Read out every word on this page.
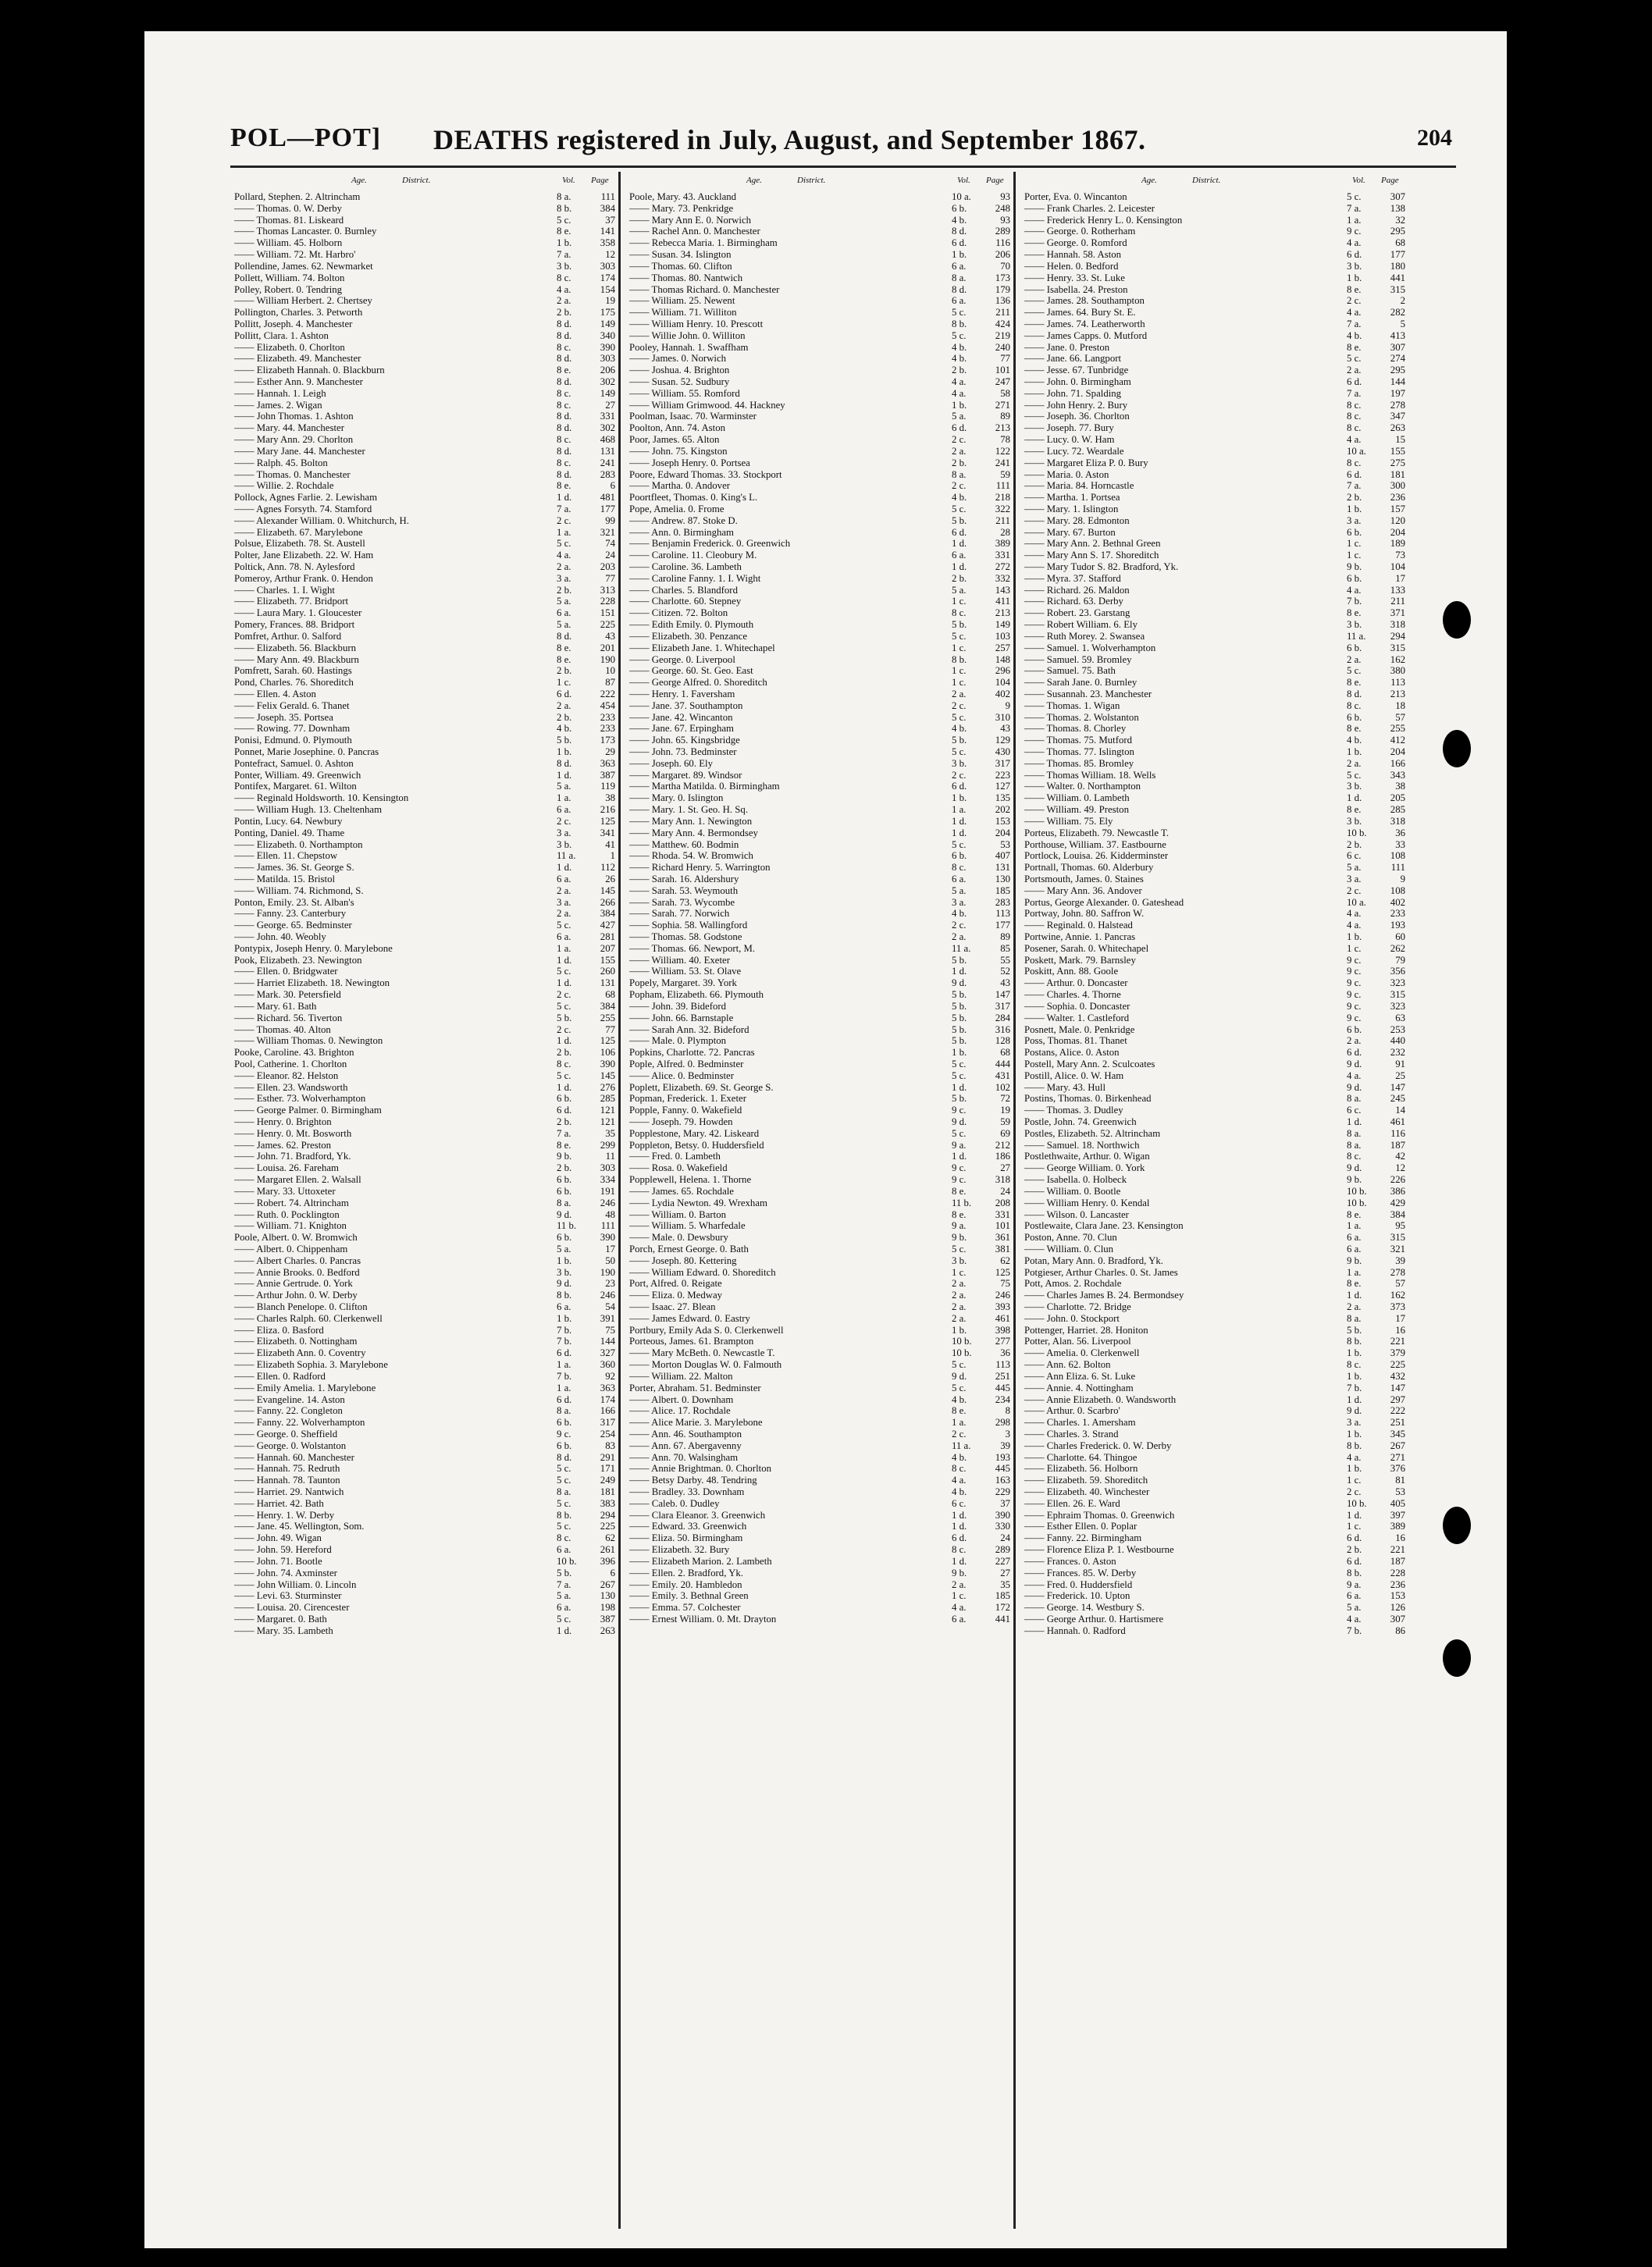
POL—POT] DEATHS registered in July, August, and September 1867.	204
Age.	District.	Vol. Page
Pollard, Stephen. 2. Altrincham	8 a.	111
—— Thomas. 0. W. Derby	8 b.	384
—— Thomas. 81. Liskeard	5 c.	37
—— Thomas Lancaster. 0. Burnley	8 e.	141
—— William. 45. Holborn	1 b.	358
—— William. 72. Mt. Harbro'	7 a.	12
Pollendine, James. 62. Newmarket	3 b.	303
Pollett, William. 74. Bolton	8 c.	174
Polley, Robert. 0. Tendring	4 a.	154
—— William Herbert. 2. Chertsey	2 a.	19
Pollington, Charles. 3. Petworth	2 b.	175
Pollitt, Joseph. 4. Manchester	8 d.	149
Pollitt, Clara. 1. Ashton	8 d.	340
—— Elizabeth. 0. Chorlton	8 c.	390
—— Elizabeth. 49. Manchester	8 d.	303
—— Elizabeth Hannah. 0. Blackburn	8 e.	206
—— Esther Ann. 9. Manchester	8 d.	302
—— Hannah. 1. Leigh	8 c.	149
—— James. 2. Wigan	8 c.	27
—— John Thomas. 1. Ashton	8 d.	331
—— Mary. 44. Manchester	8 d.	302
—— Mary Ann. 29. Chorlton	8 c.	468
—— Mary Jane. 44. Manchester	8 d.	131
—— Ralph. 45. Bolton	8 c.	241
—— Thomas. 0. Manchester	8 d.	283
—— Willie. 2. Rochdale	8 e.	6
Pollock, Agnes Farlie. 2. Lewisham	1 d.	481
—— Agnes Forsyth. 74. Stamford	7 a.	177
—— Alexander William. 0. Whitchurch, H.	2 c.	99
—— Elizabeth. 67. Marylebone	1 a.	321
Polsue, Elizabeth. 78. St. Austell	5 c.	74
Polter, Jane Elizabeth. 22. W. Ham	4 a.	24
Poltick, Ann. 78. N. Aylesford	2 a.	203
Pomeroy, Arthur Frank. 0. Hendon	3 a.	77
—— Charles. 1. I. Wight	2 b.	313
—— Elizabeth. 77. Bridport	5 a.	228
—— Laura Mary. 1. Gloucester	6 a.	151
Pomery, Frances. 88. Bridport	5 a.	225
Pomfret, Arthur. 0. Salford	8 d.	43
—— Elizabeth. 56. Blackburn	8 e.	201
—— Mary Ann. 49. Blackburn	8 e.	190
Pomfrett, Sarah. 60. Hastings	2 b.	10
Pond, Charles. 76. Shoreditch	1 c.	87
—— Ellen. 4. Aston	6 d.	222
—— Felix Gerald. 6. Thanet	2 a.	454
—— Joseph. 35. Portsea	2 b.	233
—— Rowing. 77. Downham	4 b.	233
Ponisi, Edmund. 0. Plymouth	5 b.	173
Ponnet, Marie Josephine. 0. Pancras	1 b.	29
Pontefract, Samuel. 0. Ashton	8 d.	363
Ponter, William. 49. Greenwich	1 d.	387
Pontifex, Margaret. 61. Wilton	5 a.	119
—— Reginald Holdsworth. 10. Kensington	1 a.	38
—— William Hugh. 13. Cheltenham	6 a.	216
Pontin, Lucy. 64. Newbury	2 c.	125
Ponting, Daniel. 49. Thame	3 a.	341
—— Elizabeth. 0. Northampton	3 b.	41
—— Ellen. 11. Chepstow	11 a.	1
—— James. 36. St. George S.	1 d.	112
—— Matilda. 15. Bristol	6 a.	26
—— William. 74. Richmond, S.	2 a.	145
Ponton, Emily. 23. St. Alban's	3 a.	266
—— Fanny. 23. Canterbury	2 a.	384
—— George. 65. Bedminster	5 c.	427
—— John. 40. Weobly	6 a.	281
Pontypix, Joseph Henry. 0. Marylebone	1 a.	207
Pook, Elizabeth. 23. Newington	1 d.	155
—— Ellen. 0. Bridgwater	5 c.	260
—— Harriet Elizabeth. 18. Newington	1 d.	131
—— Mark. 30. Petersfield	2 c.	68
—— Mary. 61. Bath	5 c.	384
—— Richard. 56. Tiverton	5 b.	255
—— Thomas. 40. Alton	2 c.	77
—— William Thomas. 0. Newington	1 d.	125
Pooke, Caroline. 43. Brighton	2 b.	106
Pool, Catherine. 1. Chorlton	8 c.	390
—— Eleanor. 82. Helston	5 c.	145
—— Ellen. 23. Wandsworth	1 d.	276
—— Esther. 73. Wolverhampton	6 b.	285
—— George Palmer. 0. Birmingham	6 d.	121
—— Henry. 0. Brighton	2 b.	121
—— Henry. 0. Mt. Bosworth	7 a.	35
—— James. 62. Preston	8 e.	299
—— John. 71. Bradford, Yk.	9 b.	11
—— Louisa. 26. Fareham	2 b.	303
—— Margaret Ellen. 2. Walsall	6 b.	334
—— Mary. 33. Uttoxeter	6 b.	191
—— Robert. 74. Altrincham	8 a.	246
—— Ruth. 0. Pocklington	9 d.	48
—— William. 71. Knighton	11 b.	111
Poole, Albert. 0. W. Bromwich	6 b.	390
—— Albert. 0. Chippenham	5 a.	17
—— Albert Charles. 0. Pancras	1 b.	50
—— Annie Brooks. 0. Bedford	3 b.	190
—— Annie Gertrude. 0. York	9 d.	23
—— Arthur John. 0. W. Derby	8 b.	246
—— Blanch Penelope. 0. Clifton	6 a.	54
—— Charles Ralph. 60. Clerkenwell	1 b.	391
—— Eliza. 0. Basford	7 b.	75
—— Elizabeth. 0. Nottingham	7 b.	144
—— Elizabeth Ann. 0. Coventry	6 d.	327
—— Elizabeth Sophia. 3. Marylebone	1 a.	360
—— Ellen. 0. Radford	7 b.	92
—— Emily Amelia. 1. Marylebone	1 a.	363
—— Evangeline. 14. Aston	6 d.	174
—— Fanny. 22. Congleton	8 a.	166
—— Fanny. 22. Wolverhampton	6 b.	317
—— George. 0. Sheffield	9 c.	254
—— George. 0. Wolstanton	6 b.	83
—— Hannah. 60. Manchester	8 d.	291
—— Hannah. 75. Redruth	5 c.	171
—— Hannah. 78. Taunton	5 c.	249
—— Harriet. 29. Nantwich	8 a.	181
—— Harriet. 42. Bath	5 c.	383
—— Henry. 1. W. Derby	8 b.	294
—— Jane. 45. Wellington, Som.	5 c.	225
—— John. 49. Wigan	8 c.	62
—— John. 59. Hereford	6 a.	261
—— John. 71. Bootle	10 b.	396
—— John. 74. Axminster	5 b.	6
—— John William. 0. Lincoln	7 a.	267
—— Levi. 63. Sturminster	5 a.	130
—— Louisa. 20. Cirencester	6 a.	198
—— Margaret. 0. Bath	5 c.	387
—— Mary. 35. Lambeth	1 d.	263
Age.	District.	Vol. Page
Poole, Mary. 43. Auckland	10 a.	93
—— Mary. 73. Penkridge	6 b.	248
—— Mary Ann E. 0. Norwich	4 b.	93
—— Rachel Ann. 0. Manchester	8 d.	289
—— Rebecca Maria. 1. Birmingham	6 d.	116
—— Susan. 34. Islington	1 b.	206
—— Thomas. 60. Clifton	6 a.	70
—— Thomas. 80. Nantwich	8 a.	173
—— Thomas Richard. 0. Manchester	8 d.	179
—— William. 25. Newent	6 a.	136
—— William. 71. Williton	5 c.	211
—— William Henry. 10. Prescott	8 b.	424
—— Willie John. 0. Williton	5 c.	219
Pooley, Hannah. 1. Swaffham	4 b.	240
—— James. 0. Norwich	4 b.	77
—— Joshua. 4. Brighton	2 b.	101
—— Susan. 52. Sudbury	4 a.	247
—— William. 55. Romford	4 a.	58
—— William Grimwood. 44. Hackney	1 b.	271
Poolman, Isaac. 70. Warminster	5 a.	89
Poolton, Ann. 74. Aston	6 d.	213
Poor, James. 65. Alton	2 c.	78
—— John. 75. Kingston	2 a.	122
—— Joseph Henry. 0. Portsea	2 b.	241
Poore, Edward Thomas. 33. Stockport	8 a.	59
—— Martha. 0. Andover	2 c.	111
Poortfleet, Thomas. 0. King's L.	4 b.	218
Pope, Amelia. 0. Frome	5 c.	322
—— Andrew. 87. Stoke D.	5 b.	211
—— Ann. 0. Birmingham	6 d.	28
—— Benjamin Frederick. 0. Greenwich	1 d.	389
—— Caroline. 11. Cleobury M.	6 a.	331
—— Caroline. 36. Lambeth	1 d.	272
—— Caroline Fanny. 1. I. Wight	2 b.	332
—— Charles. 5. Blandford	5 a.	143
—— Charlotte. 60. Stepney	1 c.	411
—— Citizen. 72. Bolton	8 c.	213
—— Edith Emily. 0. Plymouth	5 b.	149
—— Elizabeth. 30. Penzance	5 c.	103
—— Elizabeth Jane. 1. Whitechapel	1 c.	257
—— George. 0. Liverpool	8 b.	148
—— George. 60. St. Geo. East	1 c.	296
—— George Alfred. 0. Shoreditch	1 c.	104
—— Henry. 1. Faversham	2 a.	402
—— Jane. 37. Southampton	2 c.	9
—— Jane. 42. Wincanton	5 c.	310
—— Jane. 67. Erpingham	4 b.	43
—— John. 65. Kingsbridge	5 b.	129
—— John. 73. Bedminster	5 c.	430
—— Joseph. 60. Ely	3 b.	317
—— Margaret. 89. Windsor	2 c.	223
—— Martha Matilda. 0. Birmingham	6 d.	127
—— Mary. 0. Islington	1 b.	135
—— Mary. 1. St. Geo. H. Sq.	1 a.	202
—— Mary Ann. 1. Newington	1 d.	153
—— Mary Ann. 4. Bermondsey	1 d.	204
—— Matthew. 60. Bodmin	5 c.	53
—— Rhoda. 54. W. Bromwich	6 b.	407
—— Richard Henry. 5. Warrington	8 c.	131
—— Sarah. 16. Aldershury	6 a.	130
—— Sarah. 53. Weymouth	5 a.	185
—— Sarah. 73. Wycombe	3 a.	283
—— Sarah. 77. Norwich	4 b.	113
—— Sophia. 58. Wallingford	2 c.	177
—— Thomas. 58. Godstone	2 a.	89
—— Thomas. 66. Newport, M.	11 a.	85
—— William. 40. Exeter	5 b.	55
—— William. 53. St. Olave	1 d.	52
Popely, Margaret. 39. York	9 d.	43
Popham, Elizabeth. 66. Plymouth	5 b.	147
—— John. 39. Bideford	5 b.	317
—— John. 66. Barnstaple	5 b.	284
—— Sarah Ann. 32. Bideford	5 b.	316
—— Male. 0. Plympton	5 b.	128
Popkins, Charlotte. 72. Pancras	1 b.	68
Pople, Alfred. 0. Bedminster	5 c.	444
—— Alice. 0. Bedminster	5 c.	431
Poplett, Elizabeth. 69. St. George S.	1 d.	102
Popman, Frederick. 1. Exeter	5 b.	72
Popple, Fanny. 0. Wakefield	9 c.	19
—— Joseph. 79. Howden	9 d.	59
Popplestone, Mary. 42. Liskeard	5 c.	69
Poppleton, Betsy. 0. Huddersfield	9 a.	212
—— Fred. 0. Lambeth	1 d.	186
—— Rosa. 0. Wakefield	9 c.	27
Popplewell, Helena. 1. Thorne	9 c.	318
—— James. 65. Rochdale	8 e.	24
—— Lydia Newton. 49. Wrexham	11 b.	208
—— William. 0. Barton	8 e.	331
—— William. 5. Wharfedale	9 a.	101
—— Male. 0. Dewsbury	9 b.	361
Porch, Ernest George. 0. Bath	5 c.	381
—— Joseph. 80. Kettering	3 b.	62
—— William Edward. 0. Shoreditch	1 c.	125
Port, Alfred. 0. Reigate	2 a.	75
—— Eliza. 0. Medway	2 a.	246
—— Isaac. 27. Blean	2 a.	393
—— James Edward. 0. Eastry	2 a.	461
Portbury, Emily Ada S. 0. Clerkenwell	1 b.	398
Porteous, James. 61. Brampton	10 b.	277
—— Mary McBeth. 0. Newcastle T.	10 b.	36
—— Morton Douglas W. 0. Falmouth	5 c.	113
—— William. 22. Malton	9 d.	251
Porter, Abraham. 51. Bedminster	5 c.	445
—— Albert. 0. Downham	4 b.	234
—— Alice. 17. Rochdale	8 e.	8
—— Alice Marie. 3. Marylebone	1 a.	298
—— Ann. 46. Southampton	2 c.	3
—— Ann. 67. Abergavenny	11 a.	39
—— Ann. 70. Walsingham	4 b.	193
—— Annie Brightman. 0. Chorlton	8 c.	445
—— Betsy Darby. 48. Tendring	4 a.	163
—— Bradley. 33. Downham	4 b.	229
—— Caleb. 0. Dudley	6 c.	37
—— Clara Eleanor. 3. Greenwich	1 d.	390
—— Edward. 33. Greenwich	1 d.	330
—— Eliza. 50. Birmingham	6 d.	24
—— Elizabeth. 32. Bury	8 c.	289
—— Elizabeth Marion. 2. Lambeth	1 d.	227
—— Ellen. 2. Bradford, Yk.	9 b.	27
—— Emily. 20. Hambledon	2 a.	35
—— Emily. 3. Bethnal Green	1 c.	185
—— Emma. 57. Colchester	4 a.	172
—— Ernest William. 0. Mt. Drayton	6 a.	441
Age.	District.	Vol. Page
Porter, Eva. 0. Wincanton	5 c.	307
—— Frank Charles. 2. Leicester	7 a.	138
—— Frederick Henry L. 0. Kensington	1 a.	32
—— George. 0. Rotherham	9 c.	295
—— George. 0. Romford	4 a.	68
—— Hannah. 58. Aston	6 d.	177
—— Helen. 0. Bedford	3 b.	180
—— Henry. 33. St. Luke	1 b.	441
—— Isabella. 24. Preston	8 e.	315
—— James. 28. Southampton	2 c.	2
—— James. 64. Bury St. E.	4 a.	282
—— James. 74. Leatherworth	7 a.	5
—— James Capps. 0. Mutford	4 b.	413
—— Jane. 0. Preston	8 e.	307
—— Jane. 66. Langport	5 c.	274
—— Jesse. 67. Tunbridge	2 a.	295
—— John. 0. Birmingham	6 d.	144
—— John. 71. Spalding	7 a.	197
—— John Henry. 2. Bury	8 c.	278
—— Joseph. 36. Chorlton	8 c.	347
—— Joseph. 77. Bury	8 c.	263
—— Lucy. 0. W. Ham	4 a.	15
—— Lucy. 72. Weardale	10 a.	155
—— Margaret Eliza P. 0. Bury	8 c.	275
—— Maria. 0. Aston	6 d.	181
—— Maria. 84. Horncastle	7 a.	300
—— Martha. 1. Portsea	2 b.	236
—— Mary. 1. Islington	1 b.	157
—— Mary. 28. Edmonton	3 a.	120
—— Mary. 67. Burton	6 b.	204
—— Mary Ann. 2. Bethnal Green	1 c.	189
—— Mary Ann S. 17. Shoreditch	1 c.	73
—— Mary Tudor S. 82. Bradford, Yk.	9 b.	104
—— Myra. 37. Stafford	6 b.	17
—— Richard. 26. Maldon	4 a.	133
—— Richard. 63. Derby	7 b.	211
—— Robert. 23. Garstang	8 e.	371
—— Robert William. 6. Ely	3 b.	318
—— Ruth Morey. 2. Swansea	11 a.	294
—— Samuel. 1. Wolverhampton	6 b.	315
—— Samuel. 59. Bromley	2 a.	162
—— Samuel. 75. Bath	5 c.	380
—— Sarah Jane. 0. Burnley	8 e.	113
—— Susannah. 23. Manchester	8 d.	213
—— Thomas. 1. Wigan	8 c.	18
—— Thomas. 2. Wolstanton	6 b.	57
—— Thomas. 8. Chorley	8 e.	255
—— Thomas. 75. Mutford	4 b.	412
—— Thomas. 77. Islington	1 b.	204
—— Thomas. 85. Bromley	2 a.	166
—— Thomas William. 18. Wells	5 c.	343
—— Walter. 0. Northampton	3 b.	38
—— William. 0. Lambeth	1 d.	205
—— William. 49. Preston	8 e.	285
—— William. 75. Ely	3 b.	318
Porteus, Elizabeth. 79. Newcastle T.	10 b.	36
Porthouse, William. 37. Eastbourne	2 b.	33
Portlock, Louisa. 26. Kidderminster	6 c.	108
Portnall, Thomas. 60. Alderbury	5 a.	111
Portsmouth, James. 0. Staines	3 a.	9
—— Mary Ann. 36. Andover	2 c.	108
Portus, George Alexander. 0. Gateshead	10 a.	402
Portway, John. 80. Saffron W.	4 a.	233
—— Reginald. 0. Halstead	4 a.	193
Portwine, Annie. 1. Pancras	1 b.	60
Posener, Sarah. 0. Whitechapel	1 c.	262
Poskett, Mark. 79. Barnsley	9 c.	79
Poskitt, Ann. 88. Goole	9 c.	356
—— Arthur. 0. Doncaster	9 c.	323
—— Charles. 4. Thorne	9 c.	315
—— Sophia. 0. Doncaster	9 c.	323
—— Walter. 1. Castleford	9 c.	63
Posnett, Male. 0. Penkridge	6 b.	253
Poss, Thomas. 81. Thanet	2 a.	440
Postans, Alice. 0. Aston	6 d.	232
Postell, Mary Ann. 2. Sculcoates	9 d.	91
Postill, Alice. 0. W. Ham	4 a.	25
—— Mary. 43. Hull	9 d.	147
Postins, Thomas. 0. Birkenhead	8 a.	245
—— Thomas. 3. Dudley	6 c.	14
Postle, John. 74. Greenwich	1 d.	461
Postles, Elizabeth. 52. Altrincham	8 a.	116
—— Samuel. 18. Northwich	8 a.	187
Postlethwaite, Arthur. 0. Wigan	8 c.	42
—— George William. 0. York	9 d.	12
—— Isabella. 0. Holbeck	9 b.	226
—— William. 0. Bootle	10 b.	386
—— William Henry. 0. Kendal	10 b.	429
—— Wilson. 0. Lancaster	8 e.	384
Postlewaite, Clara Jane. 23. Kensington	1 a.	95
Poston, Anne. 70. Clun	6 a.	315
—— William. 0. Clun	6 a.	321
Potan, Mary Ann. 0. Bradford, Yk.	9 b.	39
Potgieser, Arthur Charles. 0. St. James	1 a.	278
Pott, Amos. 2. Rochdale	8 e.	57
—— Charles James B. 24. Bermondsey	1 d.	162
—— Charlotte. 72. Bridge	2 a.	373
—— John. 0. Stockport	8 a.	17
Pottenger, Harriet. 28. Honiton	5 b.	16
Potter, Alan. 56. Liverpool	8 b.	221
—— Amelia. 0. Clerkenwell	1 b.	379
—— Ann. 62. Bolton	8 c.	225
—— Ann Eliza. 6. St. Luke	1 b.	432
—— Annie. 4. Nottingham	7 b.	147
—— Annie Elizabeth. 0. Wandsworth	1 d.	297
—— Arthur. 0. Scarbro'	9 d.	222
—— Charles. 1. Amersham	3 a.	251
—— Charles. 3. Strand	1 b.	345
—— Charles Frederick. 0. W. Derby	8 b.	267
—— Charlotte. 64. Thingoe	4 a.	271
—— Elizabeth. 56. Holborn	1 b.	376
—— Elizabeth. 59. Shoreditch	1 c.	81
—— Elizabeth. 40. Winchester	2 c.	53
—— Ellen. 26. E. Ward	10 b.	405
—— Ephraim Thomas. 0. Greenwich	1 d.	397
—— Esther Ellen. 0. Poplar	1 c.	389
—— Fanny. 22. Birmingham	6 d.	16
—— Florence Eliza P. 1. Westbourne	2 b.	221
—— Frances. 0. Aston	6 d.	187
—— Frances. 85. W. Derby	8 b.	228
—— Fred. 0. Huddersfield	9 a.	236
—— Frederick. 10. Upton	6 a.	153
—— George. 14. Westbury S.	5 a.	126
—— George Arthur. 0. Hartismere	4 a.	307
—— Hannah. 0. Radford	7 b.	86
